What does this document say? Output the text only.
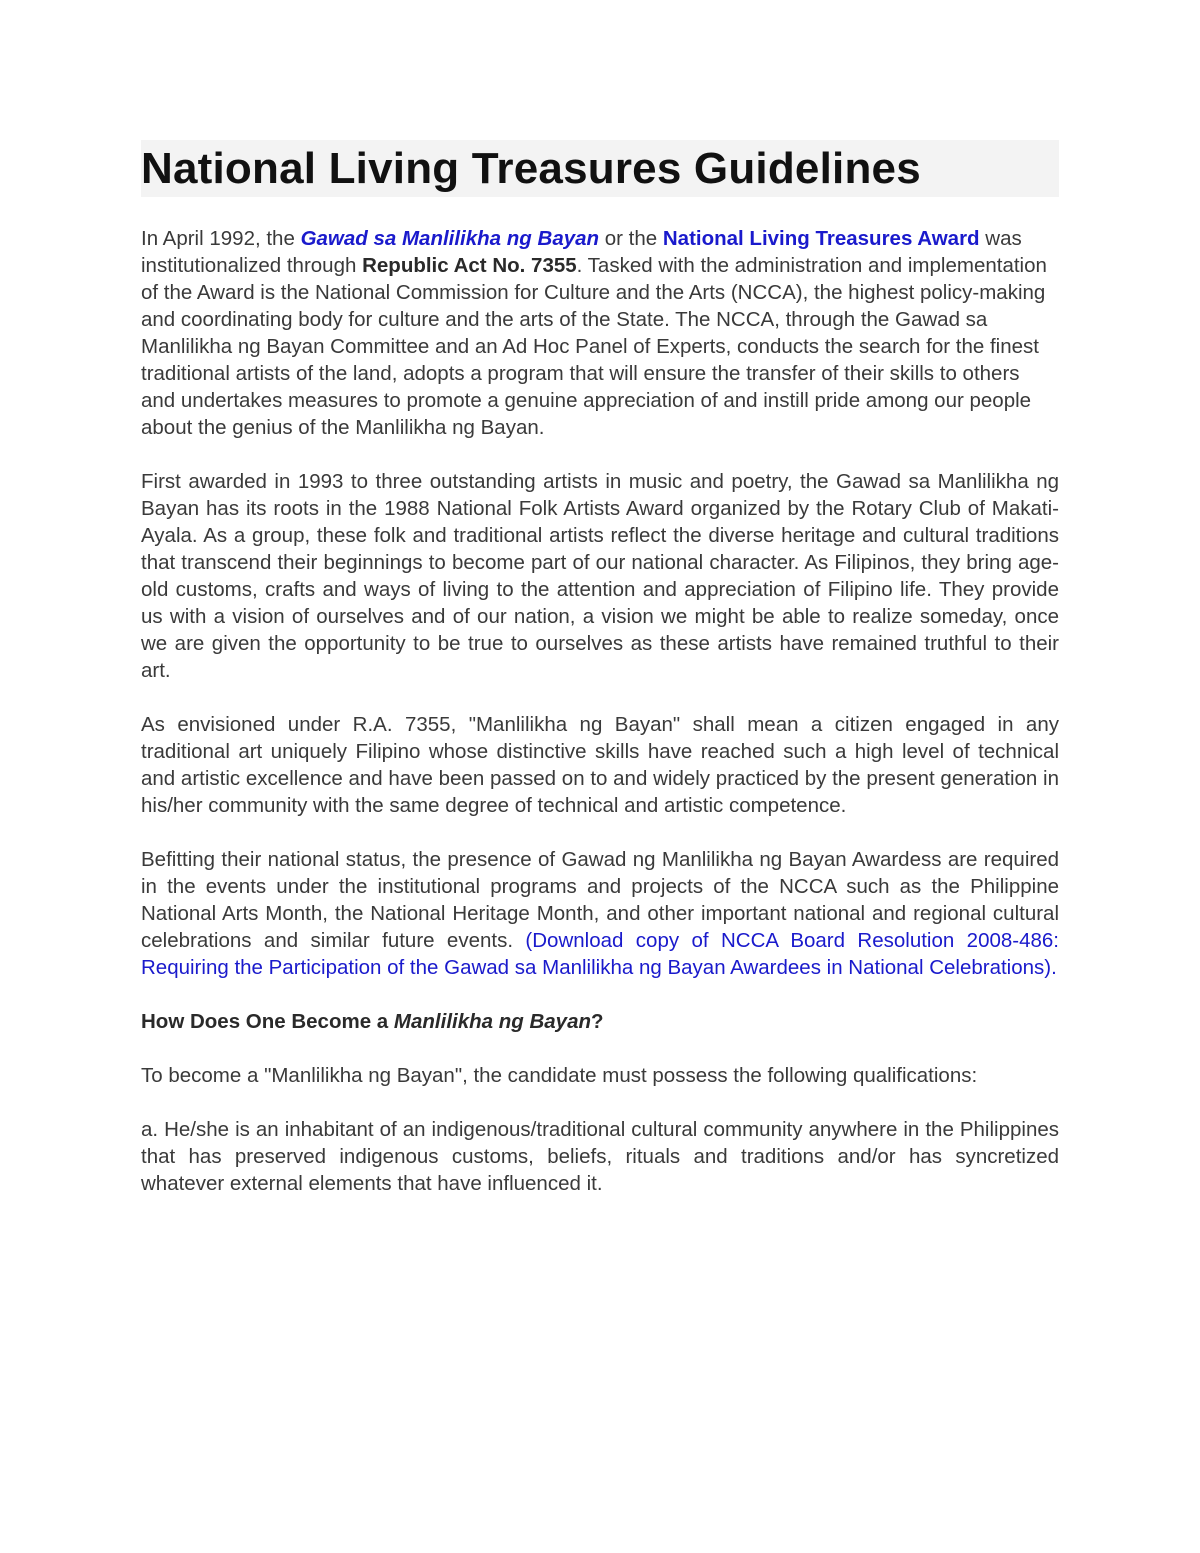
National Living Treasures Guidelines

In April 1992, the Gawad sa Manlilikha ng Bayan or the National Living Treasures Award was institutionalized through Republic Act No. 7355. Tasked with the administration and implementation of the Award is the National Commission for Culture and the Arts (NCCA), the highest policy-making and coordinating body for culture and the arts of the State. The NCCA, through the Gawad sa Manlilikha ng Bayan Committee and an Ad Hoc Panel of Experts, conducts the search for the finest traditional artists of the land, adopts a program that will ensure the transfer of their skills to others and undertakes measures to promote a genuine appreciation of and instill pride among our people about the genius of the Manlilikha ng Bayan.

First awarded in 1993 to three outstanding artists in music and poetry, the Gawad sa Manlilikha ng Bayan has its roots in the 1988 National Folk Artists Award organized by the Rotary Club of Makati-Ayala. As a group, these folk and traditional artists reflect the diverse heritage and cultural traditions that transcend their beginnings to become part of our national character. As Filipinos, they bring age-old customs, crafts and ways of living to the attention and appreciation of Filipino life. They provide us with a vision of ourselves and of our nation, a vision we might be able to realize someday, once we are given the opportunity to be true to ourselves as these artists have remained truthful to their art.

As envisioned under R.A. 7355, "Manlilikha ng Bayan" shall mean a citizen engaged in any traditional art uniquely Filipino whose distinctive skills have reached such a high level of technical and artistic excellence and have been passed on to and widely practiced by the present generation in his/her community with the same degree of technical and artistic competence.

Befitting their national status, the presence of Gawad ng Manlilikha ng Bayan Awardess are required in the events under the institutional programs and projects of the NCCA such as the Philippine National Arts Month, the National Heritage Month, and other important national and regional cultural celebrations and similar future events. (Download copy of NCCA Board Resolution 2008-486: Requiring the Participation of the Gawad sa Manlilikha ng Bayan Awardees in National Celebrations).

How Does One Become a Manlilikha ng Bayan?

To become a "Manlilikha ng Bayan", the candidate must possess the following qualifications:

a. He/she is an inhabitant of an indigenous/traditional cultural community anywhere in the Philippines that has preserved indigenous customs, beliefs, rituals and traditions and/or has syncretized whatever external elements that have influenced it.
